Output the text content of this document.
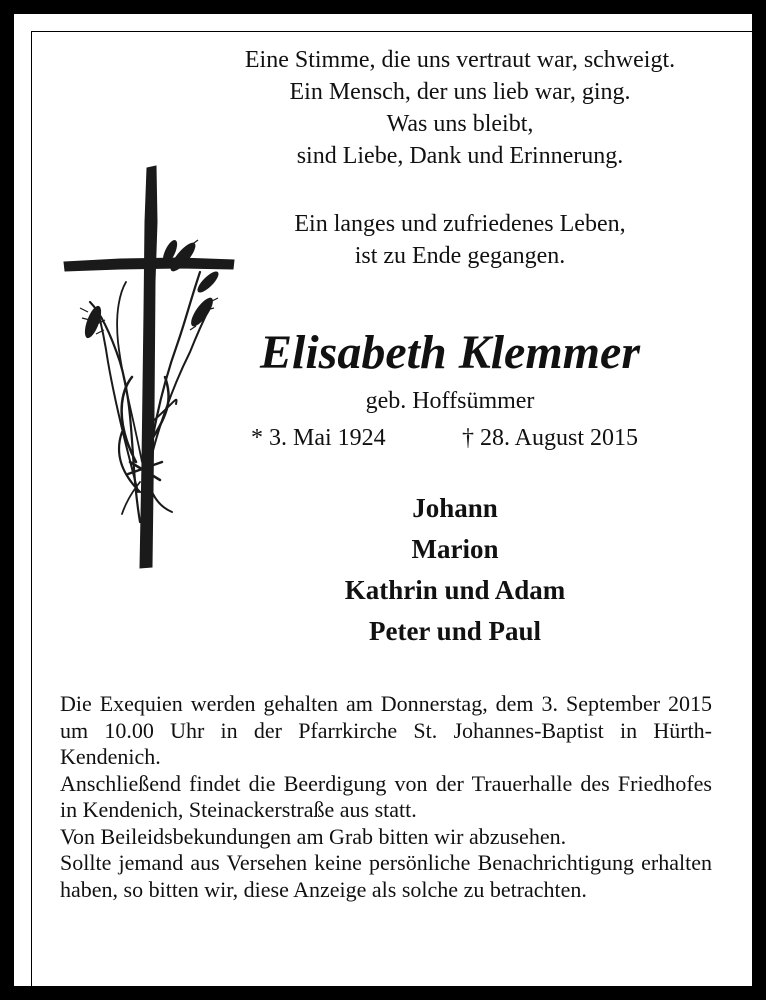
Eine Stimme, die uns vertraut war, schweigt.
Ein Mensch, der uns lieb war, ging.
Was uns bleibt,
sind Liebe, Dank und Erinnerung.
Ein langes und zufriedenes Leben,
ist zu Ende gegangen.
Elisabeth Klemmer
geb. Hoffsümmer
* 3. Mai 1924	† 28. August 2015
Johann
Marion
Kathrin und Adam
Peter und Paul

Die Exequien werden gehalten am Donnerstag, dem 3. September 2015 um 10.00 Uhr in der Pfarrkirche St. Johannes-Baptist in Hürth-Kendenich.

Anschließend findet die Beerdigung von der Trauerhalle des Friedhofes in Kendenich, Steinackerstraße aus statt.

Von Beileidsbekundungen am Grab bitten wir abzusehen.

Sollte jemand aus Versehen keine persönliche Benachrichtigung erhalten haben, so bitten wir, diese Anzeige als solche zu betrachten.
